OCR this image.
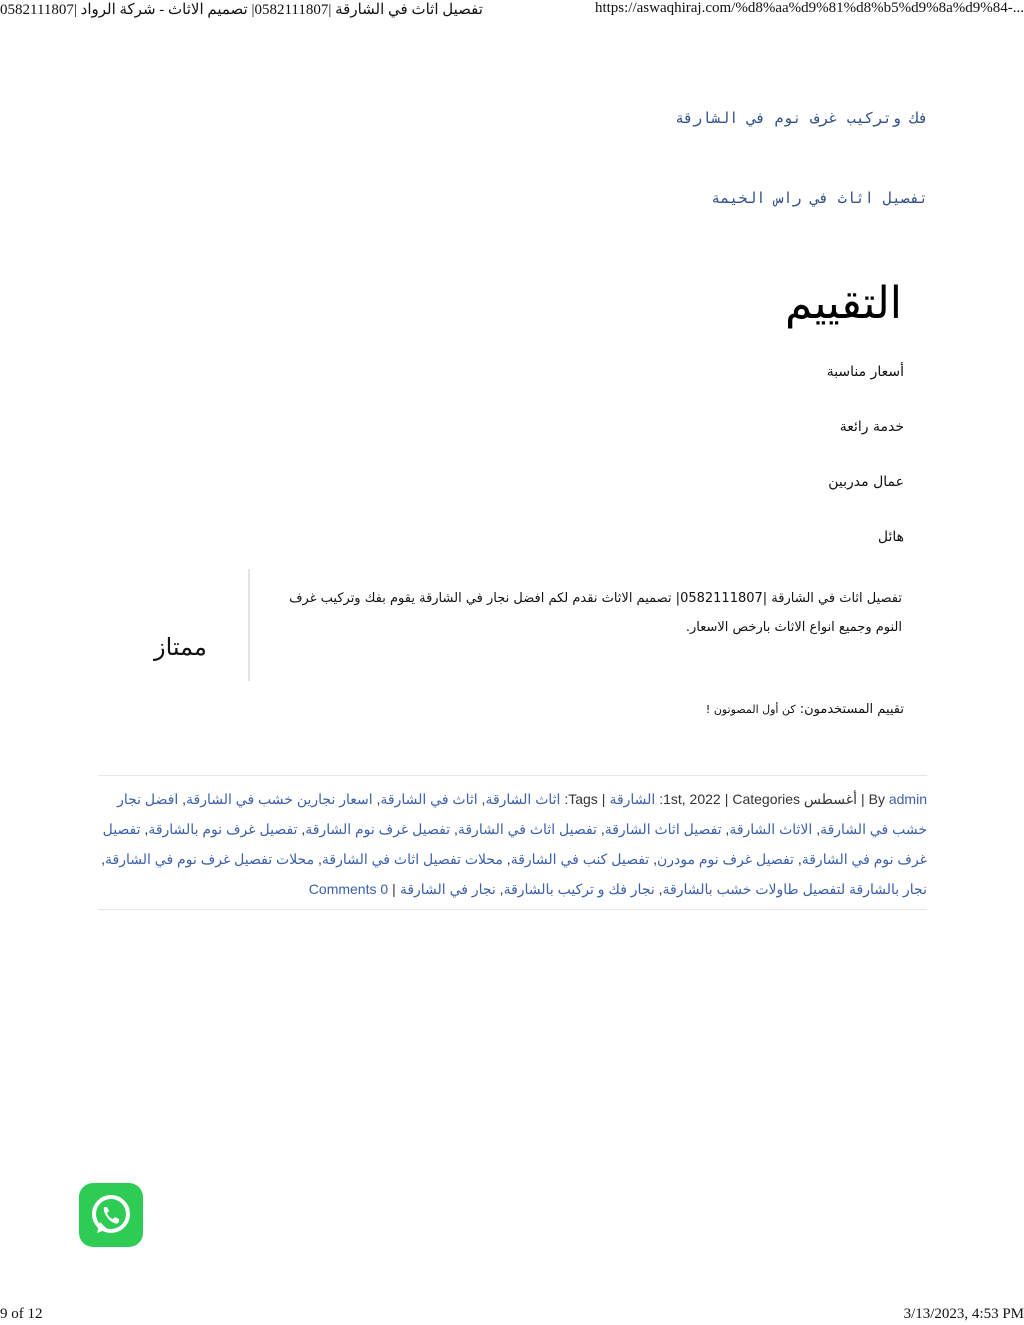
تفصيل اثاث في الشارقة |0582111807| تصميم الاثاث - شركة الرواد |0582111807	https://aswaqhiraj.com/%d8%aa%d9%81%d8%b5%d9%8a%d9%84-...
فك وتركيب غرف نوم في الشارقة
تفصيل اثاث في راس الخيمة
التقييم
أسعار مناسبة
خدمة رائعة
عمال مدربين
هائل

تفصيل اثاث في الشارقة |0582111807| تصميم الاثاث نقدم لكم افضل نجار في الشارقة يقوم بفك وتركيب غرف النوم وجميع انواع الاثاث بارخص الاسعار.

ممتاز
تقييم المستخدمون: كن أول المصوتون !
By admin|أغسطس 1st, 2022|Categories: الشارقة|Tags: اثاث الشارقة, اثاث في الشارقة, اسعار نجارين خشب في الشارقة, افضل نجار خشب في الشارقة, الاثاث الشارقة, تفصيل اثاث الشارقة, تفصيل اثاث في الشارقة, تفصيل غرف نوم الشارقة, تفصيل غرف نوم بالشارقة, تفصيل غرف نوم في الشارقة, تفصيل غرف نوم مودرن, تفصيل كنب في الشارقة, محلات تفصيل اثاث في الشارقة, محلات تفصيل غرف نوم في الشارقة, نجار بالشارقة لتفصيل طاولات خشب بالشارقة, نجار فك و تركيب بالشارقة, نجار في الشارقة|0 Comments
9 of 12	3/13/2023, 4:53 PM
